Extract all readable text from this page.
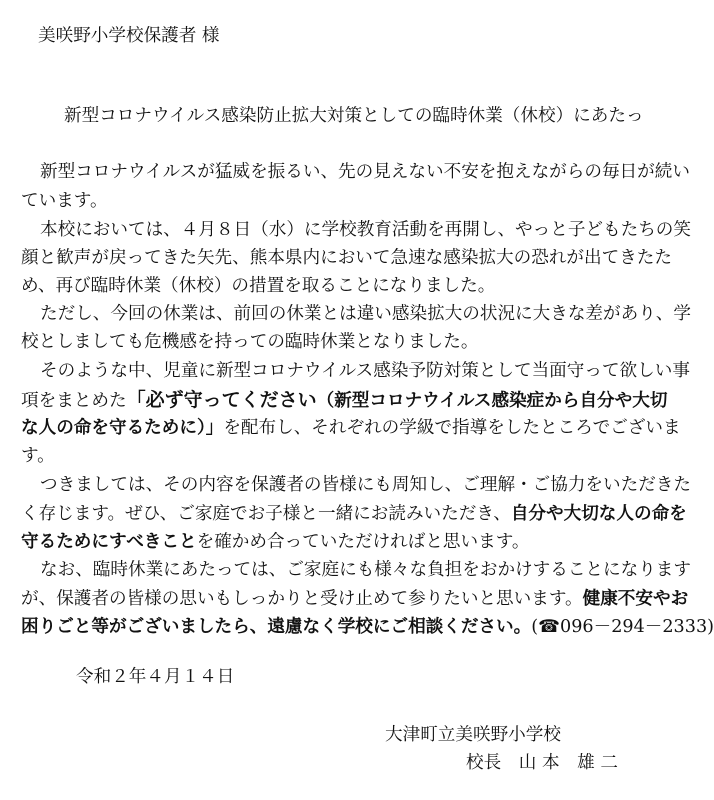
美咲野小学校保護者 様
新型コロナウイルス感染防止拡大対策としての臨時休業（休校）にあたっ
新型コロナウイルスが猛威を振るい、先の見えない不安を抱えながらの毎日が続い
ています。
本校においては、４月８日（水）に学校教育活動を再開し、やっと子どもたちの笑
顔と歓声が戻ってきた矢先、熊本県内において急速な感染拡大の恐れが出てきたた
め、再び臨時休業（休校）の措置を取ることになりました。
ただし、今回の休業は、前回の休業とは違い感染拡大の状況に大きな差があり、学
校としましても危機感を持っての臨時休業となりました。
そのような中、児童に新型コロナウイルス感染予防対策として当面守って欲しい事
項をまとめた「必ず守ってください（新型コロナウイルス感染症から自分や大切
な人の命を守るために）」を配布し、それぞれの学級で指導をしたところでございま
す。
つきましては、その内容を保護者の皆様にも周知し、ご理解・ご協力をいただきた
く存じます。ぜひ、ご家庭でお子様と一緒にお読みいただき、自分や大切な人の命を
守るためにすべきことを確かめ合っていただければと思います。
なお、臨時休業にあたっては、ご家庭にも様々な負担をおかけすることになります
が、保護者の皆様の思いもしっかりと受け止めて参りたいと思います。健康不安やお
困りごと等がございましたら、遠慮なく学校にご相談ください。(☎096－294－2333)
令和２年４月１４日
大津町立美咲野小学校
校長　山 本　雄 二
